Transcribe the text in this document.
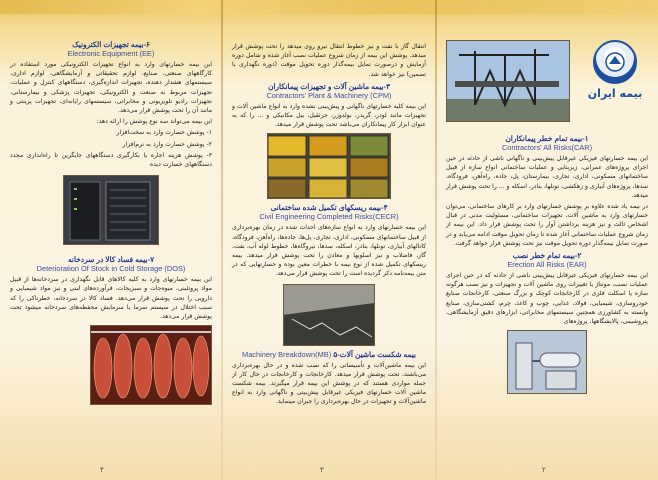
۶-بیمه تجهیزات الکترونیک
Electronic Equipment (EE)

این بیمه خسارتهای وارد به انواع تجهیزات الکترونیکی مورد استفاده در کارگاههای صنعتی، صنایع، لوازم تحقیقاتی و آزمایشگاهی، لوازم اداری، سیستمهای هشدار دهنده، تجهیزات اندازه‌گیری، دستگاههای کنترل و عملیات، تجهیزات مربوط به صنعت و الکترونیکی، تجهیزات پزشکی و بیمارستانی، تجهیزات رادیو تلویزیونی و مخابراتی، سیستمهای رایانه‌ای، تجهیزات پرینتی و مانند آن را تحت پوشش قرار می‌دهد.

این بیمه می‌تواند سه نوع پوشش را ارائه دهد:

۱- پوشش خسارت وارد به سخت‌افزار

۲- پوشش خسارت وارد به نرم‌افزار

۳- پوشش هزینه اجاره یا بکارگیری دستگاههای جایگزین تا راه‌اندازی مجدد دستگاههای خسارت دیده

۷-بیمه فساد کالا در سردخانه
Deterioration Of Stock in Cold Storage (DOS)

این بیمه خسارتهای وارد به کلیه کالاهای قابل نگهداری در سردخانه‌ها از قبیل مواد پروتئینی، میوه‌جات و سبزیجات، فرآورده‌های لبنی و نیز مواد شیمیایی و دارویی را تحت پوشش قرار می‌دهد. فساد کالا در سردخانه، خطرناکی را که سبب اختلال در سیستم سرما یا سرمایش محفظه‌های سردخانه میشود تحت پوشش قرار می‌دهد.

۴

انتقال گاز با نفت و نیز خطوط انتقال نیرو روی میدهد را تحت پوشش قرار میدهد. پوشش این بیمه از زمان شروع عملیات نصب آغاز شده و شامل دوره آزمایش و درصورت تمایل بیمه‌گذار دوره تحویل موقت (دوره نگهداری یا تضمین) نیز خواهد شد.

۳-بیمه ماشین آلات و تجهیزات پیمانکاران
Contractors' Plant & Machinery (CPM)

این بیمه کلیه خسارتهای ناگهانی و پیش‌بینی نشده وارد به انواع ماشین آلات و تجهیزات مانند لودر، گریدر، بولدوزر، جرثقیل، بیل مکانیکی و ... را که به عنوان ابزار کار پیمانکاران می‌باشد تحت پوشش قرار میدهد.

۴-بیمه ریسکهای تکمیل شده ساختمانی
Civil Engineering Completed Risks(CECR)

این بیمه خسارتهای وارد به انواع سازه‌های احداث شده در زمان بهره‌برداری از قبیل ساختمانهای مسکونی، اداری، تجاری، پل‌ها، جاده‌ها، راه‌آهن، فرودگاه، کانالهای آبیاری، تونلها، بنادر، اسکله، سدها، نیروگاه‌ها، خطوط لوله آب، نفت، گاز، فاضلاب و نیز اسلوبها و معادن را تحت پوشش قرار میدهد. بیمه ریسکهای تکمیل شده از نوع بیمه با خطرات معین بوده و خسارتهایی که در متن بیمه‌نامه ذکر گردیده است را تحت پوشش قرار می‌دهد.

Machinery Breakdown(MB) ۵-بیمه شکست ماشین آلات

این بیمه ماشین‌آلات و تأسیساتی را که نصب شده و در حال بهره‌برداری می‌باشند، تحت پوشش قرار میدهد. کارخانجات و کارخانجات در حال کار از جمله مواردی هستند که در پوشش این بیمه قرار میگیرند. بیمه شکست ماشین آلات خسارتهای فیزیکی غیرقابل پیش‌بینی و ناگهانی وارد به انواع ماشین‌آلات و تجهیزات در حال بهره‌برداری را جبران مینماید.

۳
بیمه ایران
۱-بیمه تمام خطر پیمانکاران
Contractors' All Risks(CAR)

این بیمه خسارتهای فیزیکی غیرقابل پیش‌بینی و ناگهانی ناشی از حادثه در حین اجرای پروژه‌های عمرانی، زیربنایی و عملیات ساختمانی انواع سازه از قبیل ساختمانهای مسکونی، اداری، تجاری، بیمارستان، پل، جاده، راه‌آهن، فرودگاه، سدها، پروژه‌های آبیاری و زهکشی، تونلها، بنادر، اسکله و ... را تحت پوشش قرار میدهد.

در بیمه یاد شده علاوه بر پوشش خسارتهای وارد بر کارهای ساختمانی، می‌توان خسارتهای وارد به ماشین آلات، تجهیزات ساختمانی، مسئولیت مدنی در قبال اشخاص ثالث و نیز هزینه برداشتن آوار را تحت پوشش قرار داد. این بیمه از زمان شروع عملیات ساختمانی آغاز شده تا زمان تحویل موقت ادامه می‌یابد و در صورت تمایل بیمه‌گذار دوره تحویل موقت نیز تحت پوشش قرار خواهد گرفت.

۲-بیمه تمام خطر نصب
Erection All Risks (EAR)

این بیمه خسارتهای فیزیکی غیرقابل پیش‌بینی ناشی از حادثه که در حین اجرای عملیات نصب، مونتاژ یا تغییرات روی ماشین آلات و تجهیزات و نیز نصب هرگونه سازه یا اسکلت فلزی در کارخانجات کوچک و بزرگ صنعتی، کارخانجات صنایع خودروسازی، شیمیایی، فولاد، غذایی، چوب و کاغذ، چرم، کشتی‌سازی، صنایع وابسته به کشاورزی همچنین سیستمهای مخابراتی، ابزارهای دقیق آزمایشگاهی، پتروشیمی، پالایشگاهها، پروژه‌های

۲
